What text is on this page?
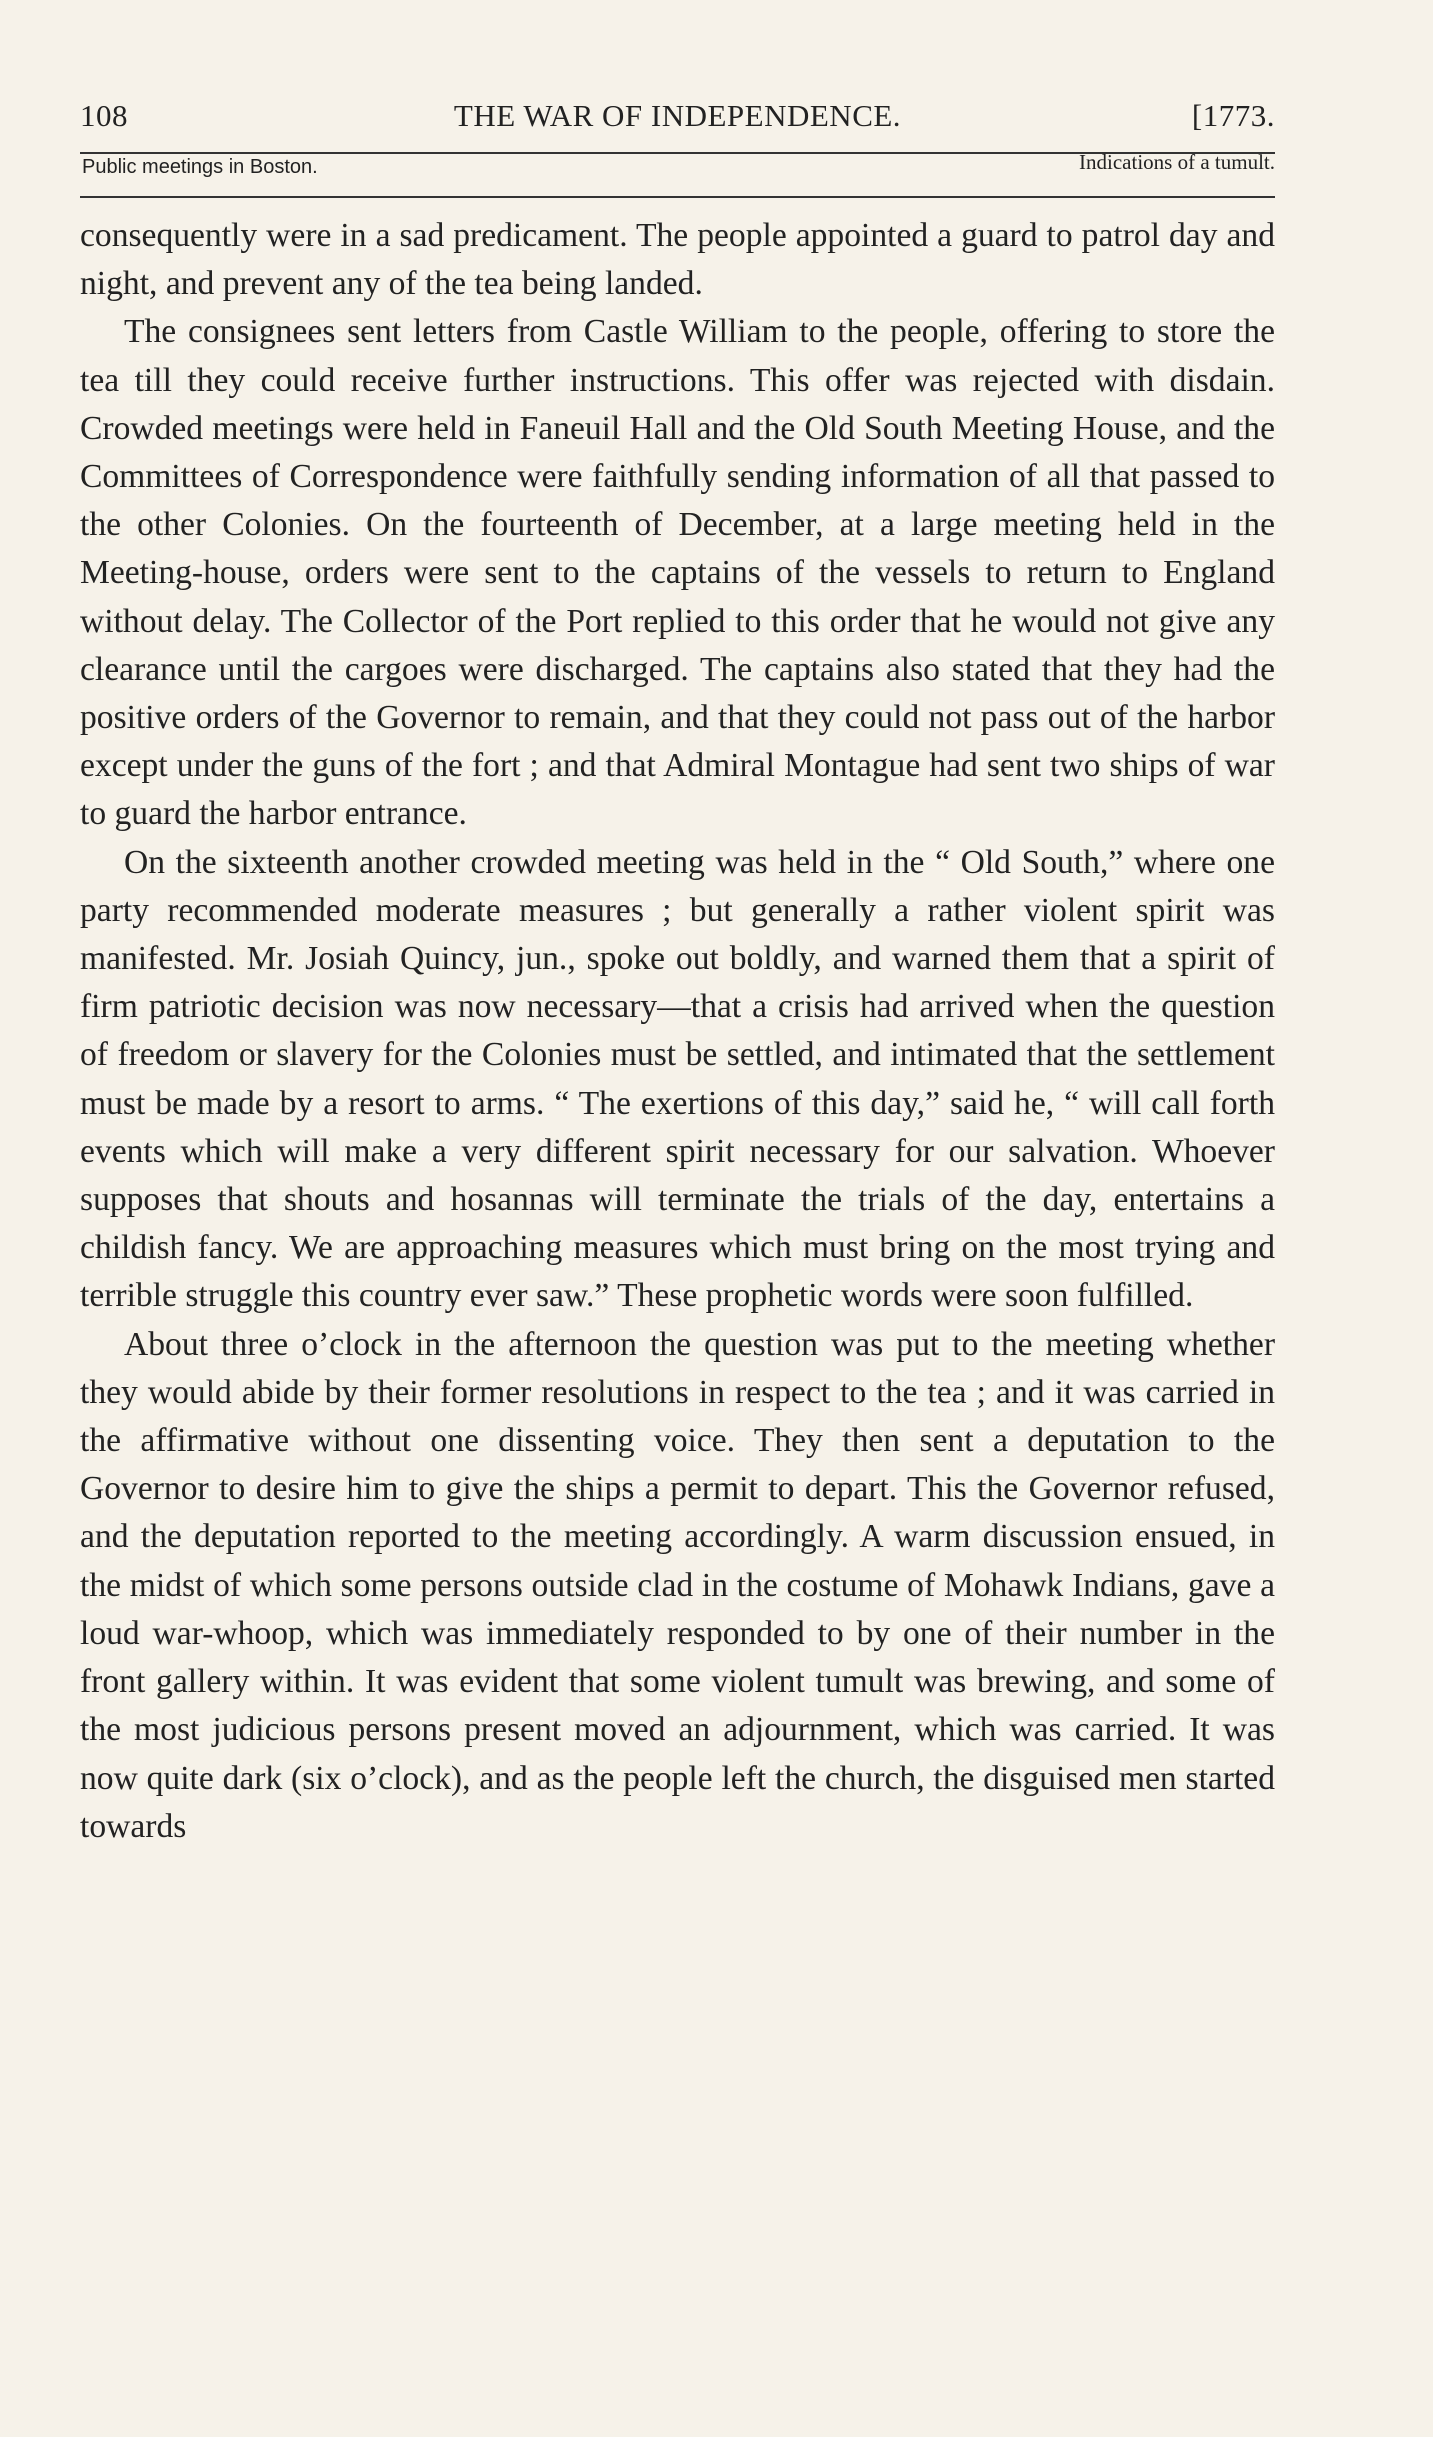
108	THE WAR OF INDEPENDENCE.	[1773.
Public meetings in Boston.	Indications of a tumult.

consequently were in a sad predicament. The people appointed a guard to patrol day and night, and prevent any of the tea being landed.

The consignees sent letters from Castle William to the people, offering to store the tea till they could receive further instructions. This offer was rejected with disdain. Crowded meetings were held in Faneuil Hall and the Old South Meeting House, and the Committees of Correspondence were faithfully sending information of all that passed to the other Colonies. On the fourteenth of December, at a large meeting held in the Meeting-house, orders were sent to the captains of the vessels to return to England without delay. The Collector of the Port replied to this order that he would not give any clearance until the cargoes were discharged. The captains also stated that they had the positive orders of the Governor to remain, and that they could not pass out of the harbor except under the guns of the fort ; and that Admiral Montague had sent two ships of war to guard the harbor entrance.

On the sixteenth another crowded meeting was held in the “ Old South,” where one party recommended moderate measures ; but generally a rather violent spirit was manifested. Mr. Josiah Quincy, jun., spoke out boldly, and warned them that a spirit of firm patriotic decision was now necessary—that a crisis had arrived when the question of freedom or slavery for the Colonies must be settled, and intimated that the settlement must be made by a resort to arms. “ The exertions of this day,” said he, “ will call forth events which will make a very different spirit necessary for our salvation. Whoever supposes that shouts and hosannas will terminate the trials of the day, entertains a childish fancy. We are approaching measures which must bring on the most trying and terrible struggle this country ever saw.” These prophetic words were soon fulfilled.

About three o’clock in the afternoon the question was put to the meeting whether they would abide by their former resolutions in respect to the tea ; and it was carried in the affirmative without one dissenting voice. They then sent a deputation to the Governor to desire him to give the ships a permit to depart. This the Governor refused, and the deputation reported to the meeting accordingly. A warm discussion ensued, in the midst of which some persons outside clad in the costume of Mohawk Indians, gave a loud war-whoop, which was immediately responded to by one of their number in the front gallery within. It was evident that some violent tumult was brewing, and some of the most judicious persons present moved an adjournment, which was carried. It was now quite dark (six o’clock), and as the people left the church, the disguised men started towards
